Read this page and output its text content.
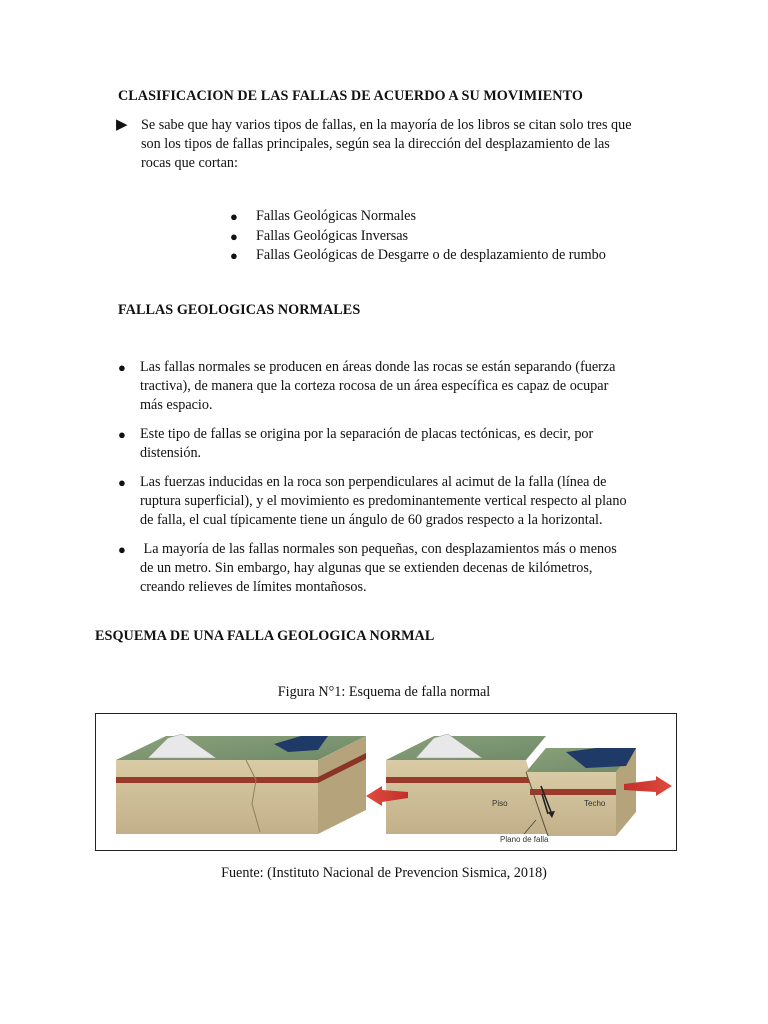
CLASIFICACION DE LAS FALLAS DE ACUERDO A SU MOVIMIENTO
▶ Se sabe que hay varios tipos de fallas, en la mayoría de los libros se citan solo tres que
son los tipos de fallas principales, según sea la dirección del desplazamiento de las
rocas que cortan:
● Fallas Geológicas Normales
● Fallas Geológicas Inversas
● Fallas Geológicas de Desgarre o de desplazamiento de rumbo
FALLAS GEOLOGICAS NORMALES
● Las fallas normales se producen en áreas donde las rocas se están separando (fuerza
tractiva), de manera que la corteza rocosa de un área específica es capaz de ocupar
más espacio.
● Este tipo de fallas se origina por la separación de placas tectónicas, es decir, por
distensión.
● Las fuerzas inducidas en la roca son perpendiculares al acimut de la falla (línea de
ruptura superficial), y el movimiento es predominantemente vertical respecto al plano
de falla, el cual típicamente tiene un ángulo de 60 grados respecto a la horizontal.
● La mayoría de las fallas normales son pequeñas, con desplazamientos más o menos
de un metro. Sin embargo, hay algunas que se extienden decenas de kilómetros,
creando relieves de límites montañosos.
ESQUEMA DE UNA FALLA GEOLOGICA NORMAL
Figura N°1: Esquema de falla normal
Piso	Techo
Plano de falla
Fuente: (Instituto Nacional de Prevencion Sismica, 2018)
